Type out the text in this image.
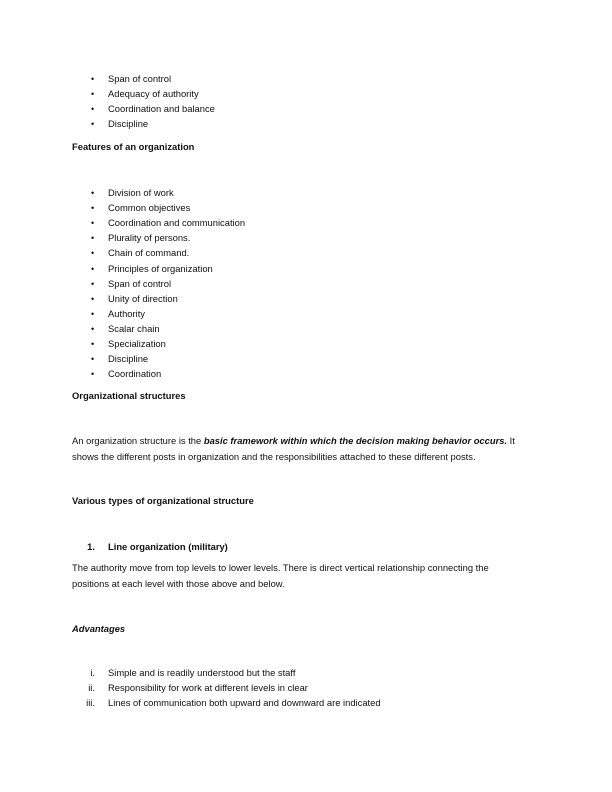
• Span of control
• Adequacy of authority
• Coordination and balance
• Discipline
Features of an organization
• Division of work
• Common objectives
• Coordination and communication
• Plurality of persons.
• Chain of command.
• Principles of organization
• Span of control
• Unity of direction
• Authority
• Scalar chain
• Specialization
• Discipline
• Coordination
Organizational structures
An organization structure is the basic framework within which the decision making behavior occurs. It
shows the different posts in organization and the responsibilities attached to these different posts.
Various types of organizational structure
1. Line organization (military)
The authority move from top levels to lower levels. There is direct vertical relationship connecting the
positions at each level with those above and below.
Advantages
i. Simple and is readily understood but the staff
ii. Responsibility for work at different levels in clear
iii. Lines of communication both upward and downward are indicated
